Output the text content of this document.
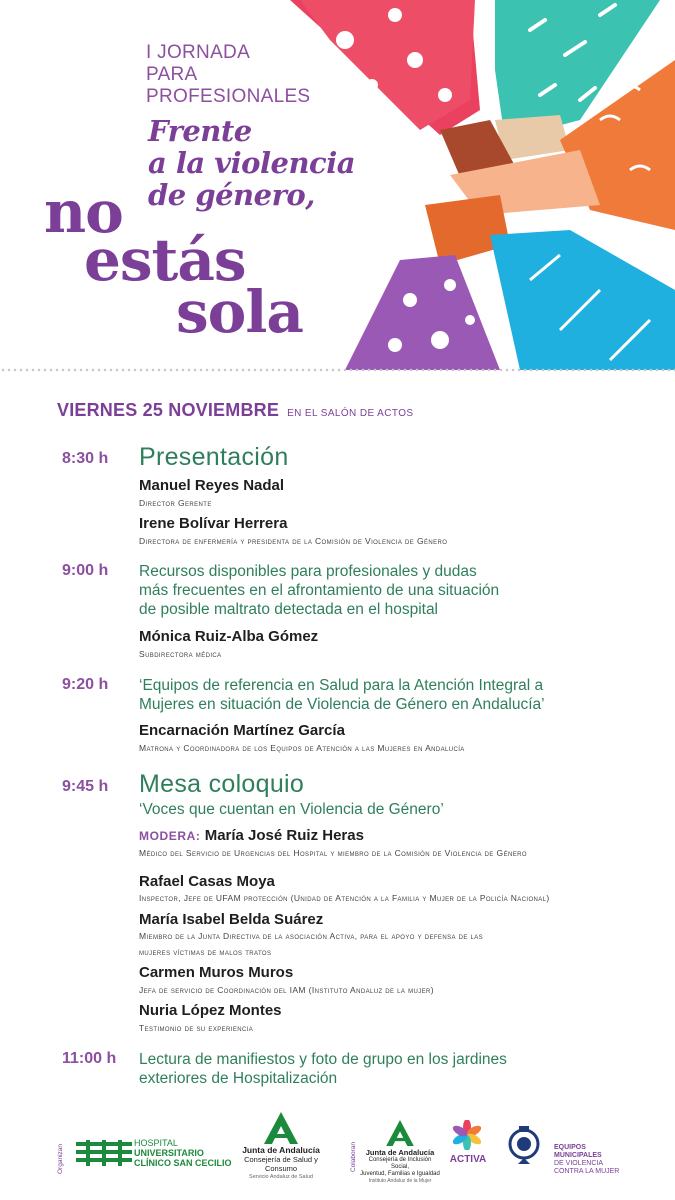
I JORNADA
PARA
PROFESIONALES
Frente
a la violencia
de género,
no
estás
sola
VIERNES 25 NOVIEMBRE EN EL SALÓN DE ACTOS
8:30 h	Presentación
Manuel Reyes Nadal
Director Gerente
Irene Bolívar Herrera
Directora de enfermería y presidenta de la Comisión de Violencia de Género
9:00 h	Recursos disponibles para profesionales y dudas
más frecuentes en el afrontamiento de una situación
de posible maltrato detectada en el hospital
Mónica Ruiz-Alba Gómez
Subdirectora médica
9:20 h	‘Equipos de referencia en Salud para la Atención Integral a
Mujeres en situación de Violencia de Género en Andalucía’
Encarnación Martínez García
Matrona y Coordinadora de los Equipos de Atención a las Mujeres en Andalucía
9:45 h	Mesa coloquio
‘Voces que cuentan en Violencia de Género’
MODERA: María José Ruiz Heras
Médico del Servicio de Urgencias del Hospital y miembro de la Comisión de Violencia de Género
Rafael Casas Moya
Inspector, Jefe de UFAM protección (Unidad de Atención a la Familia y Mujer de la Policía Nacional)
María Isabel Belda Suárez
Miembro de la Junta Directiva de la asociación Activa, para el apoyo y defensa de las
mujeres víctimas de malos tratos
Carmen Muros Muros
Jefa de servicio de Coordinación del IAM (Instituto Andaluz de la mujer)
Nuria López Montes
Testimonio de su experiencia
11:00 h	Lectura de manifiestos y foto de grupo en los jardines
exteriores de Hospitalización
Organizan
HOSPITAL
UNIVERSITARIO
CLÍNICO SAN CECILIO
Junta de Andalucía
Consejería de Salud y Consumo
Servicio Andaluz de Salud
Colaboran	Junta de Andalucía
Consejería de Inclusión Social,
Juventud, Familias e Igualdad
Instituto Andaluz de la Mujer
ACTIVA
EQUIPOS
MUNICIPALES
DE VIOLENCIA
CONTRA LA MUJER
